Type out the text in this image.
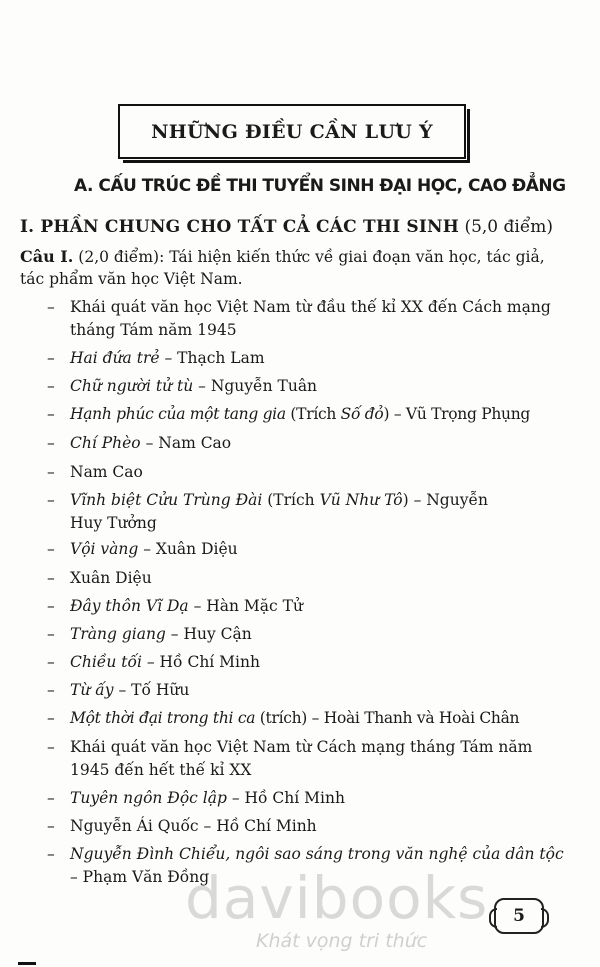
NHỮNG ĐIỀU CẦN LƯU Ý
A. CẤU TRÚC ĐỀ THI TUYỂN SINH ĐẠI HỌC, CAO ĐẲNG
I. PHẦN CHUNG CHO TẤT CẢ CÁC THI SINH (5,0 điểm)
Câu I. (2,0 điểm): Tái hiện kiến thức về giai đoạn văn học, tác giả, tác phẩm văn học Việt Nam.
– Khái quát văn học Việt Nam từ đầu thế kỉ XX đến Cách mạng tháng Tám năm 1945
– Hai đứa trẻ – Thạch Lam
– Chữ người tử tù – Nguyễn Tuân
– Hạnh phúc của một tang gia (Trích Số đỏ) – Vũ Trọng Phụng
– Chí Phèo – Nam Cao
– Nam Cao
– Vĩnh biệt Cửu Trùng Đài (Trích Vũ Như Tô) – Nguyễn Huy Tưởng
– Vội vàng – Xuân Diệu
– Xuân Diệu
– Đây thôn Vĩ Dạ – Hàn Mặc Tử
– Tràng giang – Huy Cận
– Chiều tối – Hồ Chí Minh
– Từ ấy – Tố Hữu
– Một thời đại trong thi ca (trích) – Hoài Thanh và Hoài Chân
– Khái quát văn học Việt Nam từ Cách mạng tháng Tám năm 1945 đến hết thế kỉ XX
– Tuyên ngôn Độc lập – Hồ Chí Minh
– Nguyễn Ái Quốc – Hồ Chí Minh
– Nguyễn Đình Chiểu, ngôi sao sáng trong văn nghệ của dân tộc – Phạm Văn Đồng
davibooks
Khát vọng tri thức
5
